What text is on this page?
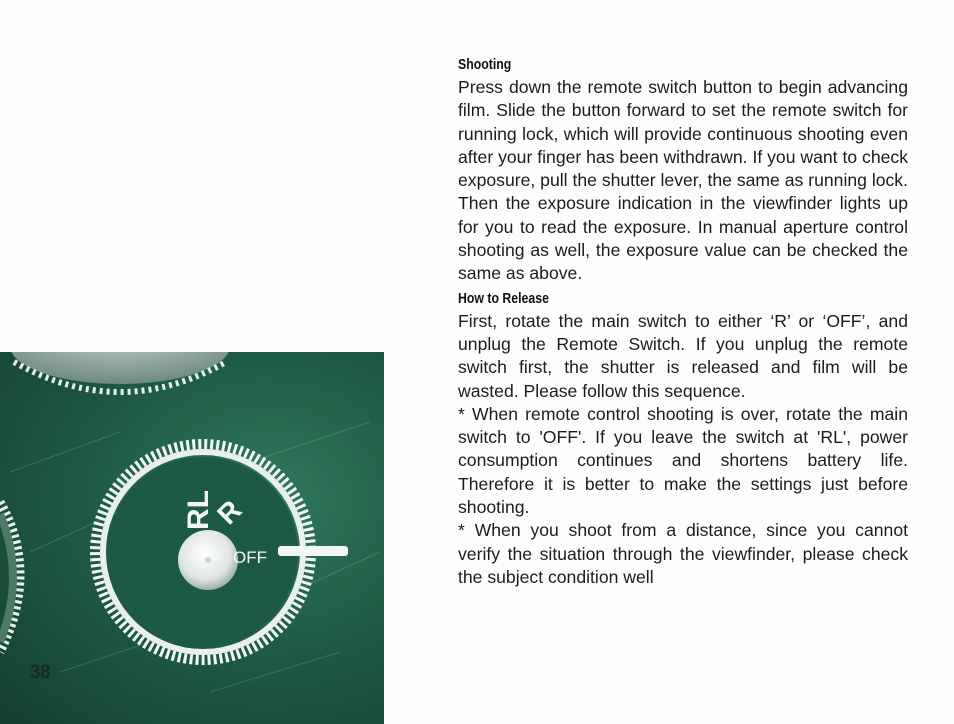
RL
R
OFF
38
Shooting

Press down the remote switch button to begin advancing film. Slide the button forward to set the remote switch for running lock, which will provide continuous shooting even after your finger has been withdrawn. If you want to check exposure, pull the shutter lever, the same as running lock. Then the exposure indication in the viewfinder lights up for you to read the exposure. In manual aperture control shooting as well, the exposure value can be checked the same as above.

How to Release

First, rotate the main switch to either ‘R’ or ‘OFF’, and unplug the Remote Switch. If you unplug the remote switch first, the shutter is released and film will be wasted. Please follow this sequence.

* When remote control shooting is over, rotate the main switch to 'OFF'. If you leave the switch at 'RL', power consumption continues and shortens battery life. Therefore it is better to make the settings just before shooting.

* When you shoot from a distance, since you cannot verify the situation through the viewfinder, please check the subject condition well
